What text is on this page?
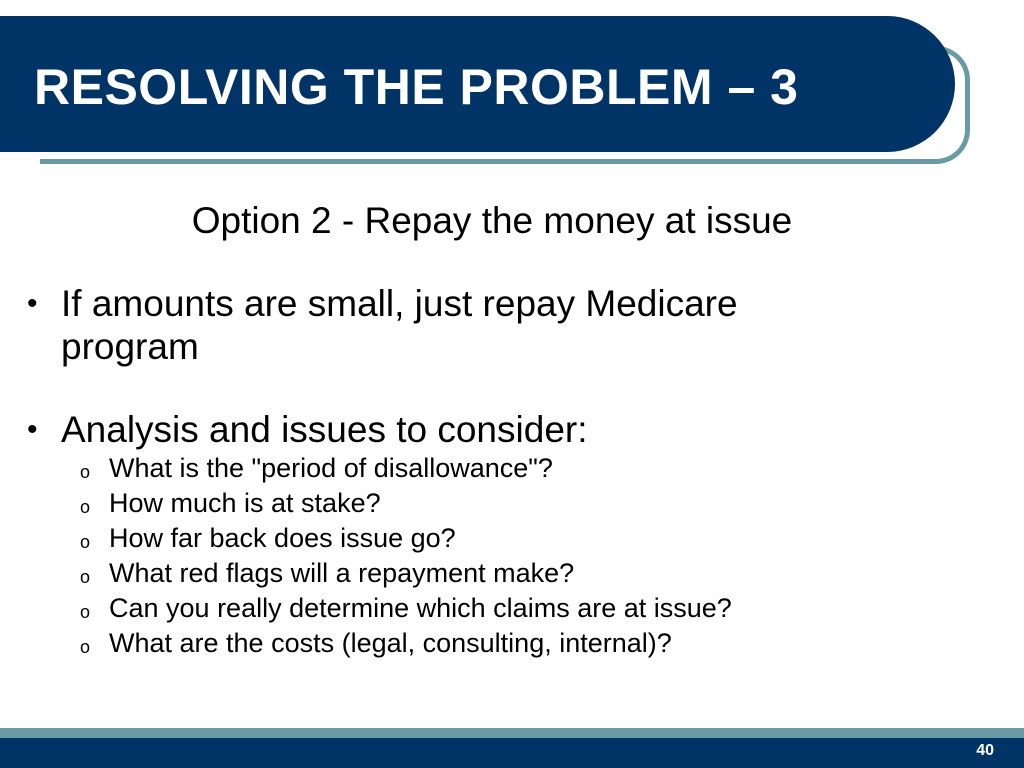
RESOLVING THE PROBLEM – 3
Option 2 - Repay the money at issue
• If amounts are small, just repay Medicare program
• Analysis and issues to consider:
o What is the "period of disallowance"?
o How much is at stake?
o How far back does issue go?
o What red flags will a repayment make?
o Can you really determine which claims are at issue?
o What are the costs (legal, consulting, internal)?
40
